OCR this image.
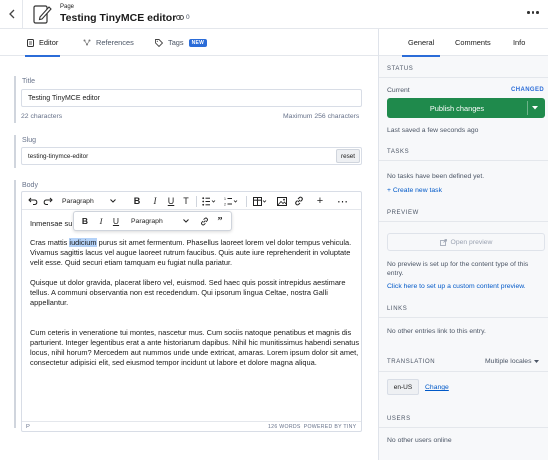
Page
Testing TinyMCE editor 0
Editor	References	Tags	NEW
Title
Testing TinyMCE editor
22 characters	Maximum 256 characters
Slug
testing-tinymce-editor	reset
Body
Paragraph	B	I	U	T	1
2	+ ⋯
B	I	U Paragraph	”
Inmensae su

Cras mattis iudicium purus sit amet fermentum. Phasellus laoreet lorem vel dolor tempus vehicula. Vivamus sagittis lacus vel augue laoreet rutrum faucibus. Quis aute iure reprehenderit in voluptate velit esse. Quid securi etiam tamquam eu fugiat nulla pariatur.

Quisque ut dolor gravida, placerat libero vel, euismod. Sed haec quis possit intrepidus aestimare tellus. A communi observantia non est recedendum. Qui ipsorum lingua Celtae, nostra Galli appellantur.

Cum ceteris in veneratione tui montes, nascetur mus. Cum sociis natoque penatibus et magnis dis parturient. Integer legentibus erat a ante historiarum dapibus. Nihil hic munitissimus habendi senatus locus, nihil horum? Mercedem aut nummos unde unde extricat, amaras. Lorem ipsum dolor sit amet, consectetur adipisici elit, sed eiusmod tempor incidunt ut labore et dolore magna aliqua.

P	126 WORDS POWERED BY TINY
General	Comments	Info
STATUS
Current	CHANGED
Publish changes
Last saved a few seconds ago
TASKS
No tasks have been defined yet.
+ Create new task
PREVIEW
Open preview
No preview is set up for the content type of this entry.
Click here to set up a custom content preview.
LINKS
No other entries link to this entry.
TRANSLATION	Multiple locales
en-US	Change
USERS
No other users online
